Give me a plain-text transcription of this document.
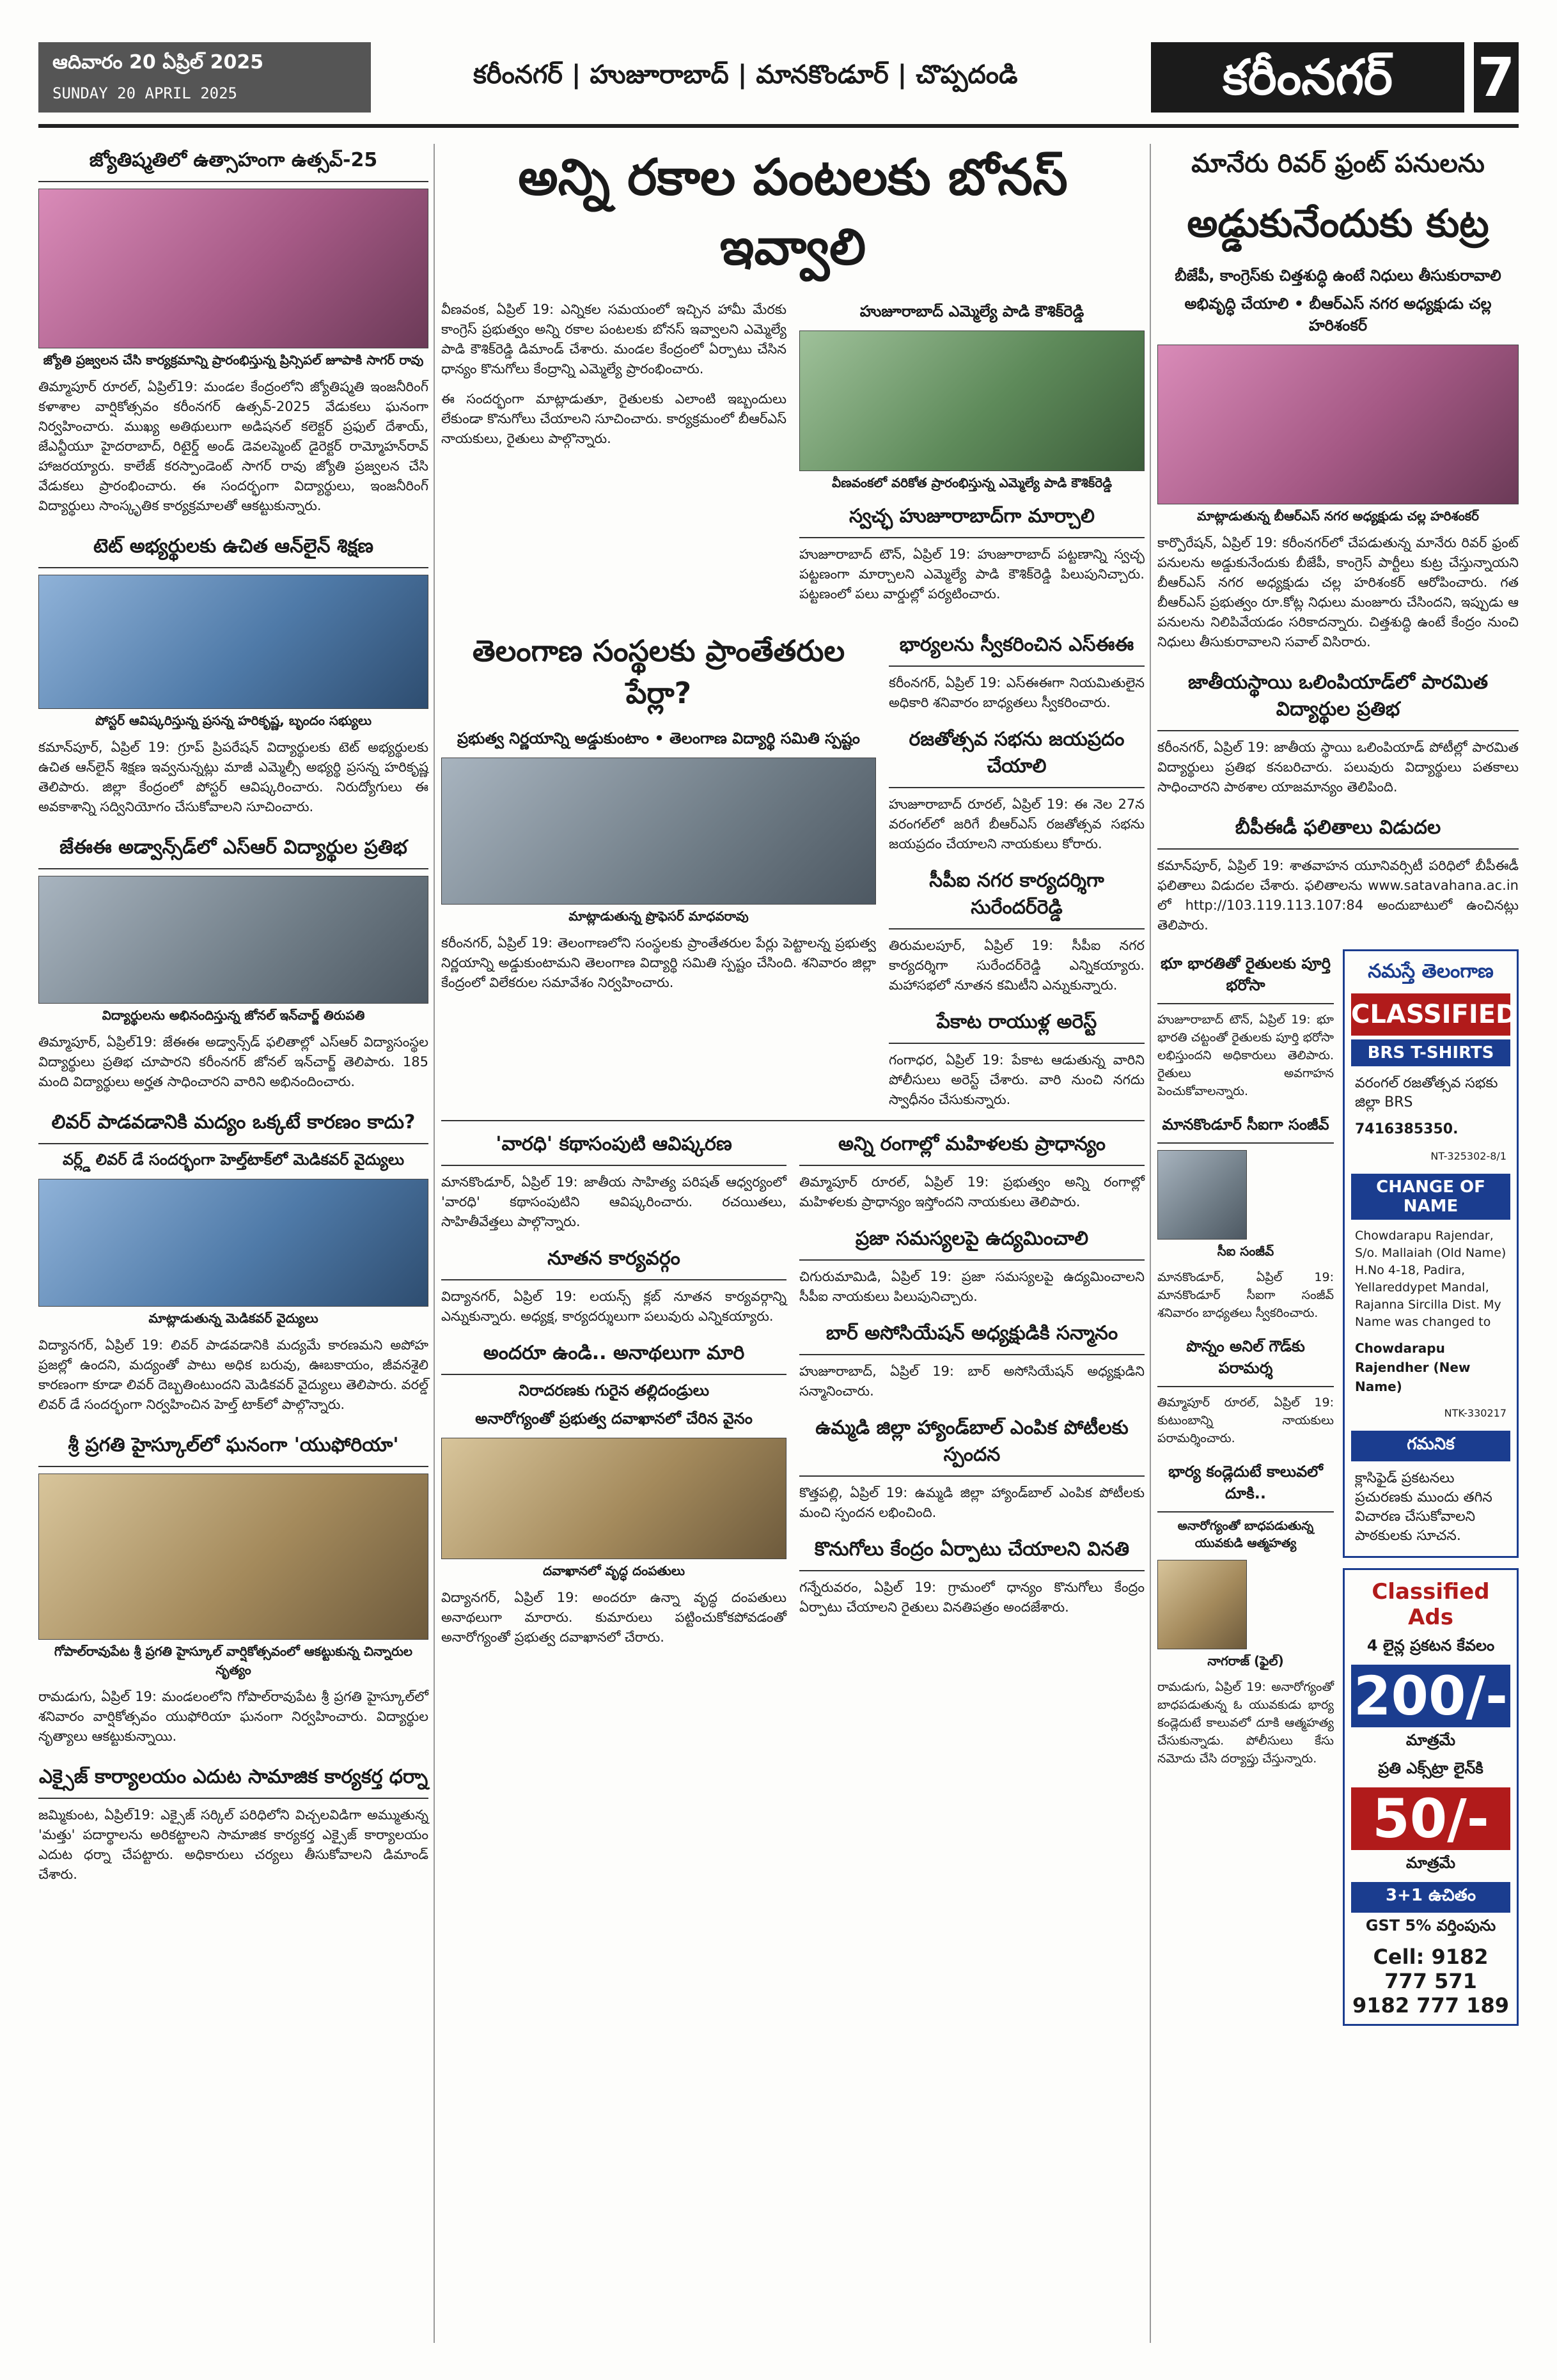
ఆదివారం 20 ఏప్రిల్ 2025
SUNDAY 20 APRIL 2025
కరీంనగర్ | హుజూరాబాద్ | మానకొండూర్ | చొప్పదండి	కరీంనగర్	7
జ్యోతిష్మతిలో ఉత్సాహంగా ఉత్సవ్-25
జ్యోతి ప్రజ్వలన చేసి కార్యక్రమాన్ని ప్రారంభిస్తున్న ప్రిన్సిపల్ జూపాకి సాగర్ రావు
తిమ్మాపూర్ రూరల్, ఏప్రిల్19: మండల కేంద్రంలోని జ్యోతిష్మతి ఇంజనీరింగ్ కళాశాల వార్షికోత్సవం కరీంనగర్ ఉత్సవ్-2025 వేడుకలు ఘనంగా నిర్వహించారు. ముఖ్య అతిథులుగా అడిషనల్ కలెక్టర్ ప్రఫుల్ దేశాయ్, జేఎన్టీయూ హైదరాబాద్, రిటైర్డ్ అండ్ డెవలప్మెంట్ డైరెక్టర్ రామ్మోహన్‌రావ్ హాజరయ్యారు. కాలేజ్ కరస్పాండెంట్ సాగర్ రావు జ్యోతి ప్రజ్వలన చేసి వేడుకలు ప్రారంభించారు. ఈ సందర్భంగా విద్యార్థులు, ఇంజనీరింగ్ విద్యార్థులు సాంస్కృతిక కార్యక్రమాలతో ఆకట్టుకున్నారు.
టెట్ అభ్యర్థులకు ఉచిత ఆన్‌లైన్ శిక్షణ
పోస్టర్ ఆవిష్కరిస్తున్న ప్రసన్న హరికృష్ణ, బృందం సభ్యులు
కమాన్‌పూర్, ఏప్రిల్ 19: గ్రూప్ ప్రిపరేషన్ విద్యార్థులకు టెట్ అభ్యర్థులకు ఉచిత ఆన్‌లైన్ శిక్షణ ఇవ్వనున్నట్లు మాజీ ఎమ్మెల్సీ అభ్యర్థి ప్రసన్న హరికృష్ణ తెలిపారు. జిల్లా కేంద్రంలో పోస్టర్ ఆవిష్కరించారు. నిరుద్యోగులు ఈ అవకాశాన్ని సద్వినియోగం చేసుకోవాలని సూచించారు.
జేఈఈ అడ్వాన్స్‌డ్‌లో ఎస్ఆర్ విద్యార్థుల ప్రతిభ
విద్యార్థులను అభినందిస్తున్న జోనల్ ఇన్‌చార్జ్ తిరుపతి
తిమ్మాపూర్, ఏప్రిల్19: జేఈఈ అడ్వాన్స్‌డ్ ఫలితాల్లో ఎస్ఆర్ విద్యాసంస్థల విద్యార్థులు ప్రతిభ చూపారని కరీంనగర్ జోనల్ ఇన్‌చార్జ్ తెలిపారు. 185 మంది విద్యార్థులు అర్హత సాధించారని వారిని అభినందించారు.
లివర్ పాడవడానికి మద్యం ఒక్కటే కారణం కాదు?
వర్ల్డ్ లివర్ డే సందర్భంగా హెల్త్‌టాక్‌లో మెడికవర్ వైద్యులు
మాట్లాడుతున్న మెడికవర్ వైద్యులు
విద్యానగర్, ఏప్రిల్ 19: లివర్ పాడవడానికి మద్యమే కారణమని అపోహ ప్రజల్లో ఉందని, మద్యంతో పాటు అధిక బరువు, ఊబకాయం, జీవనశైలి కారణంగా కూడా లివర్ దెబ్బతింటుందని మెడికవర్ వైద్యులు తెలిపారు. వరల్డ్ లివర్ డే సందర్భంగా నిర్వహించిన హెల్త్ టాక్‌లో పాల్గొన్నారు.
శ్రీ ప్రగతి హైస్కూల్‌లో ఘనంగా 'యుఫోరియా'
గోపాల్‌రావుపేట శ్రీ ప్రగతి హైస్కూల్ వార్షికోత్సవంలో ఆకట్టుకున్న చిన్నారుల నృత్యం
రామడుగు, ఏప్రిల్ 19: మండలంలోని గోపాల్‌రావుపేట శ్రీ ప్రగతి హైస్కూల్‌లో శనివారం వార్షికోత్సవం యుఫోరియా ఘనంగా నిర్వహించారు. విద్యార్థుల నృత్యాలు ఆకట్టుకున్నాయి.
ఎక్సైజ్ కార్యాలయం ఎదుట సామాజిక కార్యకర్త ధర్నా
జమ్మికుంట, ఏప్రిల్19: ఎక్సైజ్ సర్కిల్ పరిధిలోని విచ్చలవిడిగా అమ్ముతున్న 'మత్తు' పదార్థాలను అరికట్టాలని సామాజిక కార్యకర్త ఎక్సైజ్ కార్యాలయం ఎదుట ధర్నా చేపట్టారు. అధికారులు చర్యలు తీసుకోవాలని డిమాండ్ చేశారు.
అన్ని రకాల పంటలకు బోనస్ ఇవ్వాలి
వీణవంక, ఏప్రిల్ 19: ఎన్నికల సమయంలో ఇచ్చిన హామీ మేరకు కాంగ్రెస్ ప్రభుత్వం అన్ని రకాల పంటలకు బోనస్ ఇవ్వాలని ఎమ్మెల్యే పాడి కౌశిక్‌రెడ్డి డిమాండ్ చేశారు. మండల కేంద్రంలో ఏర్పాటు చేసిన ధాన్యం కొనుగోలు కేంద్రాన్ని ఎమ్మెల్యే ప్రారంభించారు.
ఈ సందర్భంగా మాట్లాడుతూ, రైతులకు ఎలాంటి ఇబ్బందులు లేకుండా కొనుగోలు చేయాలని సూచించారు. కార్యక్రమంలో బీఆర్ఎస్ నాయకులు, రైతులు పాల్గొన్నారు.
హుజూరాబాద్ ఎమ్మెల్యే పాడి కౌశిక్‌రెడ్డి
వీణవంకలో వరికోత ప్రారంభిస్తున్న ఎమ్మెల్యే పాడి కౌశిక్‌రెడ్డి
స్వచ్ఛ హుజూరాబాద్‌గా మార్చాలి
హుజూరాబాద్ టౌన్, ఏప్రిల్ 19: హుజూరాబాద్ పట్టణాన్ని స్వచ్ఛ పట్టణంగా మార్చాలని ఎమ్మెల్యే పాడి కౌశిక్‌రెడ్డి పిలుపునిచ్చారు. పట్టణంలో పలు వార్డుల్లో పర్యటించారు.
తెలంగాణ సంస్థలకు ప్రాంతేతరుల పేర్లా?
ప్రభుత్వ నిర్ణయాన్ని అడ్డుకుంటాం • తెలంగాణ విద్యార్థి సమితి స్పష్టం
మాట్లాడుతున్న ప్రొఫెసర్ మాధవరావు
కరీంనగర్, ఏప్రిల్ 19: తెలంగాణలోని సంస్థలకు ప్రాంతేతరుల పేర్లు పెట్టాలన్న ప్రభుత్వ నిర్ణయాన్ని అడ్డుకుంటామని తెలంగాణ విద్యార్థి సమితి స్పష్టం చేసింది. శనివారం జిల్లా కేంద్రంలో విలేకరుల సమావేశం నిర్వహించారు.
భార్యలను స్వీకరించిన ఎస్ఈఈ
కరీంనగర్, ఏప్రిల్ 19: ఎస్ఈఈగా నియమితులైన అధికారి శనివారం బాధ్యతలు స్వీకరించారు.
రజతోత్సవ సభను జయప్రదం చేయాలి
హుజూరాబాద్ రూరల్, ఏప్రిల్ 19: ఈ నెల 27న వరంగల్‌లో జరిగే బీఆర్ఎస్ రజతోత్సవ సభను జయప్రదం చేయాలని నాయకులు కోరారు.
సీపీఐ నగర కార్యదర్శిగా సురేందర్‌రెడ్డి
తిరుమలపూర్, ఏప్రిల్ 19: సీపీఐ నగర కార్యదర్శిగా సురేందర్‌రెడ్డి ఎన్నికయ్యారు. మహాసభలో నూతన కమిటీని ఎన్నుకున్నారు.
పేకాట రాయుళ్ల అరెస్ట్
గంగాధర, ఏప్రిల్ 19: పేకాట ఆడుతున్న వారిని పోలీసులు అరెస్ట్ చేశారు. వారి నుంచి నగదు స్వాధీనం చేసుకున్నారు.
'వారధి' కథాసంపుటి ఆవిష్కరణ
మానకొండూర్, ఏప్రిల్ 19: జాతీయ సాహిత్య పరిషత్ ఆధ్వర్యంలో 'వారధి' కథాసంపుటిని ఆవిష్కరించారు. రచయితలు, సాహితీవేత్తలు పాల్గొన్నారు.
నూతన కార్యవర్గం
విద్యానగర్, ఏప్రిల్ 19: లయన్స్ క్లబ్ నూతన కార్యవర్గాన్ని ఎన్నుకున్నారు. అధ్యక్ష, కార్యదర్శులుగా పలువురు ఎన్నికయ్యారు.
అందరూ ఉండి.. అనాథలుగా మారి
నిరాదరణకు గురైన తల్లిదండ్రులు
అనారోగ్యంతో ప్రభుత్వ దవాఖానలో చేరిన వైనం
దవాఖానలో వృద్ధ దంపతులు
విద్యానగర్, ఏప్రిల్ 19: అందరూ ఉన్నా వృద్ధ దంపతులు అనాథలుగా మారారు. కుమారులు పట్టించుకోకపోవడంతో అనారోగ్యంతో ప్రభుత్వ దవాఖానలో చేరారు.
అన్ని రంగాల్లో మహిళలకు ప్రాధాన్యం
తిమ్మాపూర్ రూరల్, ఏప్రిల్ 19: ప్రభుత్వం అన్ని రంగాల్లో మహిళలకు ప్రాధాన్యం ఇస్తోందని నాయకులు తెలిపారు.
ప్రజా సమస్యలపై ఉద్యమించాలి
చిగురుమామిడి, ఏప్రిల్ 19: ప్రజా సమస్యలపై ఉద్యమించాలని సీపీఐ నాయకులు పిలుపునిచ్చారు.
బార్ అసోసియేషన్ అధ్యక్షుడికి సన్మానం
హుజూరాబాద్, ఏప్రిల్ 19: బార్ అసోసియేషన్ అధ్యక్షుడిని సన్మానించారు.
ఉమ్మడి జిల్లా హ్యాండ్‌బాల్ ఎంపిక పోటీలకు స్పందన
కొత్తపల్లి, ఏప్రిల్ 19: ఉమ్మడి జిల్లా హ్యాండ్‌బాల్ ఎంపిక పోటీలకు మంచి స్పందన లభించింది.
కొనుగోలు కేంద్రం ఏర్పాటు చేయాలని వినతి
గన్నేరువరం, ఏప్రిల్ 19: గ్రామంలో ధాన్యం కొనుగోలు కేంద్రం ఏర్పాటు చేయాలని రైతులు వినతిపత్రం అందజేశారు.
మానేరు రివర్ ఫ్రంట్ పనులను
అడ్డుకునేందుకు కుట్ర
బీజేపీ, కాంగ్రెస్‌కు చిత్తశుద్ధి ఉంటే నిధులు తీసుకురావాలి
అభివృద్ధి చేయాలి • బీఆర్ఎస్ నగర అధ్యక్షుడు చల్ల హరిశంకర్
మాట్లాడుతున్న బీఆర్ఎస్ నగర అధ్యక్షుడు చల్ల హరిశంకర్
కార్పొరేషన్, ఏప్రిల్ 19: కరీంనగర్‌లో చేపడుతున్న మానేరు రివర్ ఫ్రంట్ పనులను అడ్డుకునేందుకు బీజేపీ, కాంగ్రెస్ పార్టీలు కుట్ర చేస్తున్నాయని బీఆర్ఎస్ నగర అధ్యక్షుడు చల్ల హరిశంకర్ ఆరోపించారు. గత బీఆర్ఎస్ ప్రభుత్వం రూ.కోట్ల నిధులు మంజూరు చేసిందని, ఇప్పుడు ఆ పనులను నిలిపివేయడం సరికాదన్నారు. చిత్తశుద్ధి ఉంటే కేంద్రం నుంచి నిధులు తీసుకురావాలని సవాల్ విసిరారు.
జాతీయస్థాయి ఒలింపియాడ్‌లో పారమిత విద్యార్థుల ప్రతిభ
కరీంనగర్, ఏప్రిల్ 19: జాతీయ స్థాయి ఒలింపియాడ్ పోటీల్లో పారమిత విద్యార్థులు ప్రతిభ కనబరిచారు. పలువురు విద్యార్థులు పతకాలు సాధించారని పాఠశాల యాజమాన్యం తెలిపింది.
బీపీఈడీ ఫలితాలు విడుదల
కమాన్‌పూర్, ఏప్రిల్ 19: శాతవాహన యూనివర్సిటీ పరిధిలో బీపీఈడీ ఫలితాలు విడుదల చేశారు. ఫలితాలను www.satavahana.ac.in లో http://103.119.113.107:84 అందుబాటులో ఉంచినట్లు తెలిపారు.
భూ భారతితో రైతులకు పూర్తి భరోసా
హుజూరాబాద్ టౌన్, ఏప్రిల్ 19: భూ భారతి చట్టంతో రైతులకు పూర్తి భరోసా లభిస్తుందని అధికారులు తెలిపారు. రైతులు అవగాహన పెంచుకోవాలన్నారు.
మానకొండూర్ సీఐగా సంజీవ్
సీఐ సంజీవ్
మానకొండూర్, ఏప్రిల్ 19: మానకొండూర్ సీఐగా సంజీవ్ శనివారం బాధ్యతలు స్వీకరించారు.
పొన్నం అనిల్ గౌడ్‌కు పరామర్శ
తిమ్మాపూర్ రూరల్, ఏప్రిల్ 19: కుటుంబాన్ని నాయకులు పరామర్శించారు.
భార్య కండ్లెదుటే కాలువలో దూకి..
అనారోగ్యంతో బాధపడుతున్న యువకుడి ఆత్మహత్య
నాగరాజ్ (ఫైల్)
రామడుగు, ఏప్రిల్ 19: అనారోగ్యంతో బాధపడుతున్న ఓ యువకుడు భార్య కండ్లెదుటే కాలువలో దూకి ఆత్మహత్య చేసుకున్నాడు. పోలీసులు కేసు నమోదు చేసి దర్యాప్తు చేస్తున్నారు.
నమస్తే తెలంగాణ
CLASSIFIED
BRS T-SHIRTS
వరంగల్ రజతోత్సవ సభకు జిల్లా BRS
7416385350.
NT-325302-8/1
CHANGE OF NAME
Chowdarapu Rajendar, S/o. Mallaiah (Old Name) H.No 4-18, Padira, Yellareddypet Mandal, Rajanna Sircilla Dist. My Name was changed to
Chowdarapu Rajendher (New Name)
NTK-330217
గమనిక
క్లాసిఫైడ్ ప్రకటనలు ప్రచురణకు ముందు తగిన విచారణ చేసుకోవాలని పాఠకులకు సూచన.
Classified Ads
4 లైన్ల ప్రకటన కేవలం
200/-
మాత్రమే
ప్రతి ఎక్స్‌ట్రా లైన్‌కి
50/-
మాత్రమే
3+1 ఉచితం
GST 5% వర్తింపును
Cell: 9182 777 571
9182 777 189
